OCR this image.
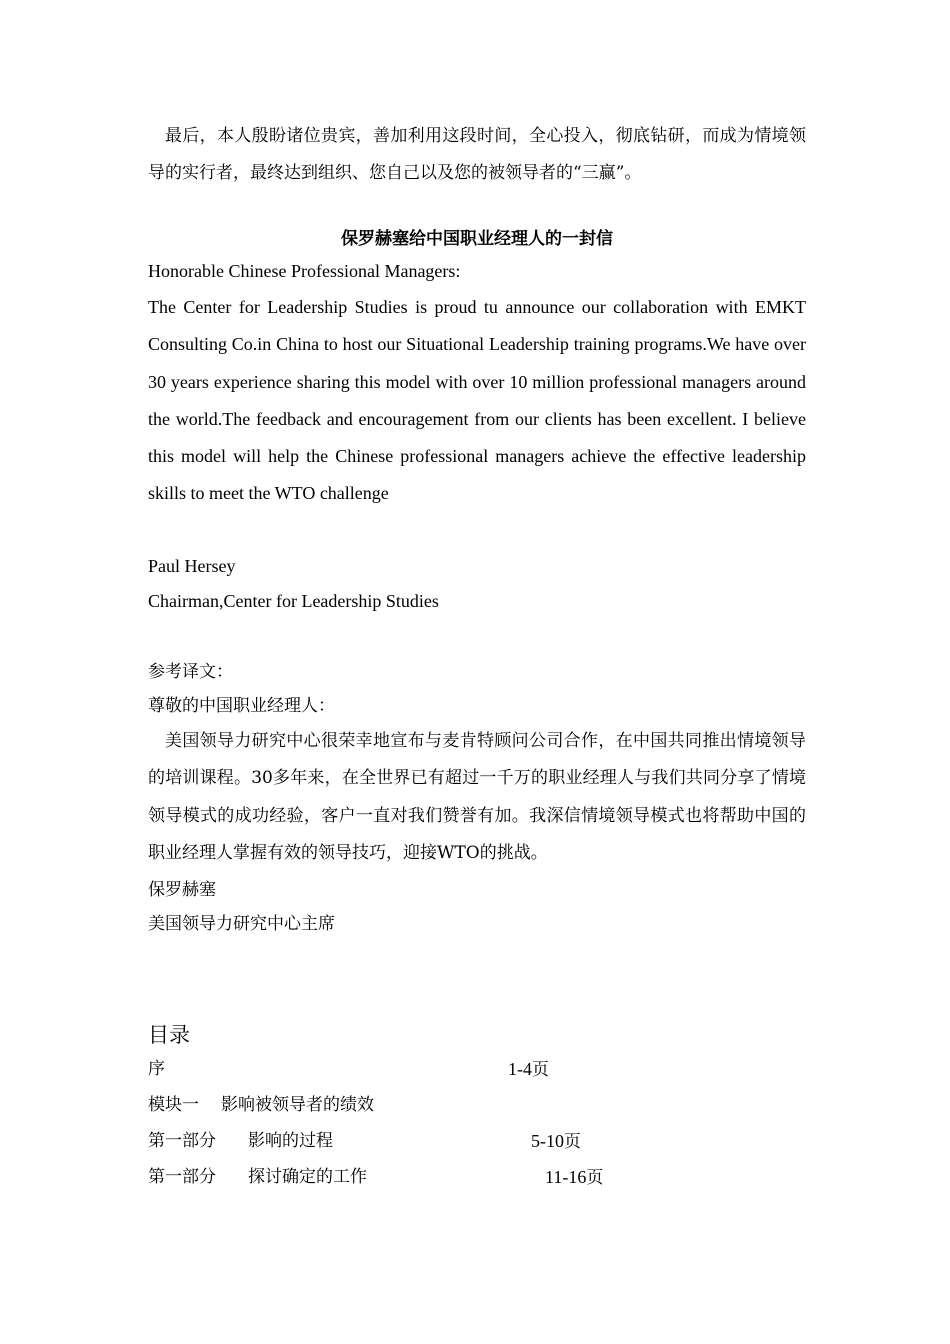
最后，本人殷盼诸位贵宾，善加利用这段时间，全心投入，彻底钻研，而成为情境领导的实行者，最终达到组织、您自己以及您的被领导者的“三赢”。

保罗赫塞给中国职业经理人的一封信

Honorable Chinese Professional Managers:

The Center for Leadership Studies is proud tu announce our collaboration with EMKT Consulting Co.in China to host our Situational Leadership training programs.We have over 30 years experience sharing this model with over 10 million professional managers around the world.The feedback and encouragement from our clients has been excellent. I believe this model will help the Chinese professional managers achieve the effective leadership skills to meet the WTO challenge

Paul Hersey

Chairman,Center for Leadership Studies

参考译文：

尊敬的中国职业经理人：

美国领导力研究中心很荣幸地宣布与麦肯特顾问公司合作，在中国共同推出情境领导的培训课程。30多年来，在全世界已有超过一千万的职业经理人与我们共同分享了情境领导模式的成功经验，客户一直对我们赞誉有加。我深信情境领导模式也将帮助中国的职业经理人掌握有效的领导技巧，迎接WTO的挑战。

保罗赫塞

美国领导力研究中心主席

目录
序	1-4页
模块一 影响被领导者的绩效
第一部分 影响的过程	5-10页
第一部分 探讨确定的工作	11-16页
